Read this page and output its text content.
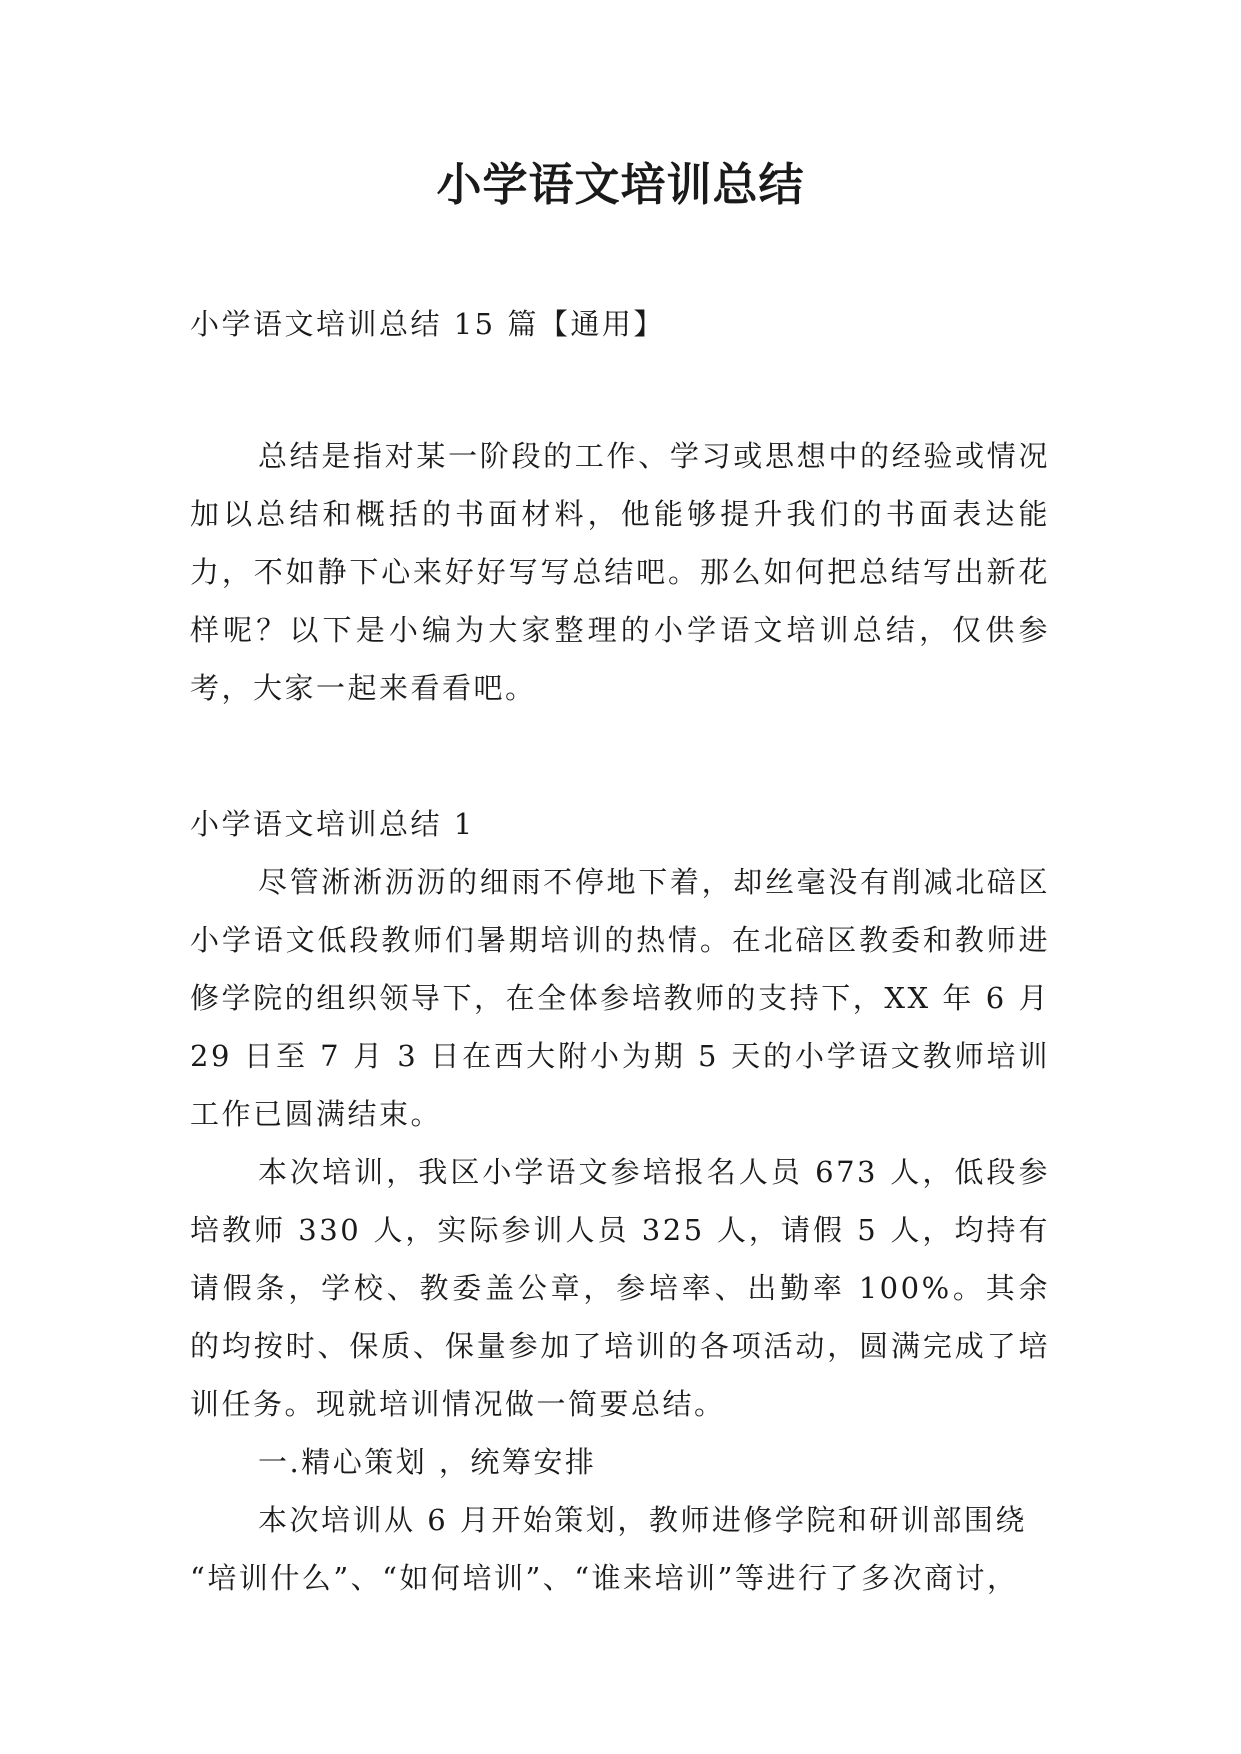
小学语文培训总结

小学语文培训总结 15 篇【通用】

总结是指对某一阶段的工作、学习或思想中的经验或情况加以总结和概括的书面材料，他能够提升我们的书面表达能力，不如静下心来好好写写总结吧。那么如何把总结写出新花样呢？以下是小编为大家整理的小学语文培训总结，仅供参考，大家一起来看看吧。

小学语文培训总结 1

尽管淅淅沥沥的细雨不停地下着，却丝毫没有削减北碚区小学语文低段教师们暑期培训的热情。在北碚区教委和教师进修学院的组织领导下，在全体参培教师的支持下，XX 年 6 月 29 日至 7 月 3 日在西大附小为期 5 天的小学语文教师培训工作已圆满结束。

本次培训，我区小学语文参培报名人员 673 人，低段参培教师 330 人，实际参训人员 325 人，请假 5 人，均持有请假条，学校、教委盖公章，参培率、出勤率 100%。其余的均按时、保质、保量参加了培训的各项活动，圆满完成了培训任务。现就培训情况做一简要总结。

一.精心策划 ，统筹安排

本次培训从 6 月开始策划，教师进修学院和研训部围绕

“培训什么”、“如何培训”、“谁来培训”等进行了多次商讨，
